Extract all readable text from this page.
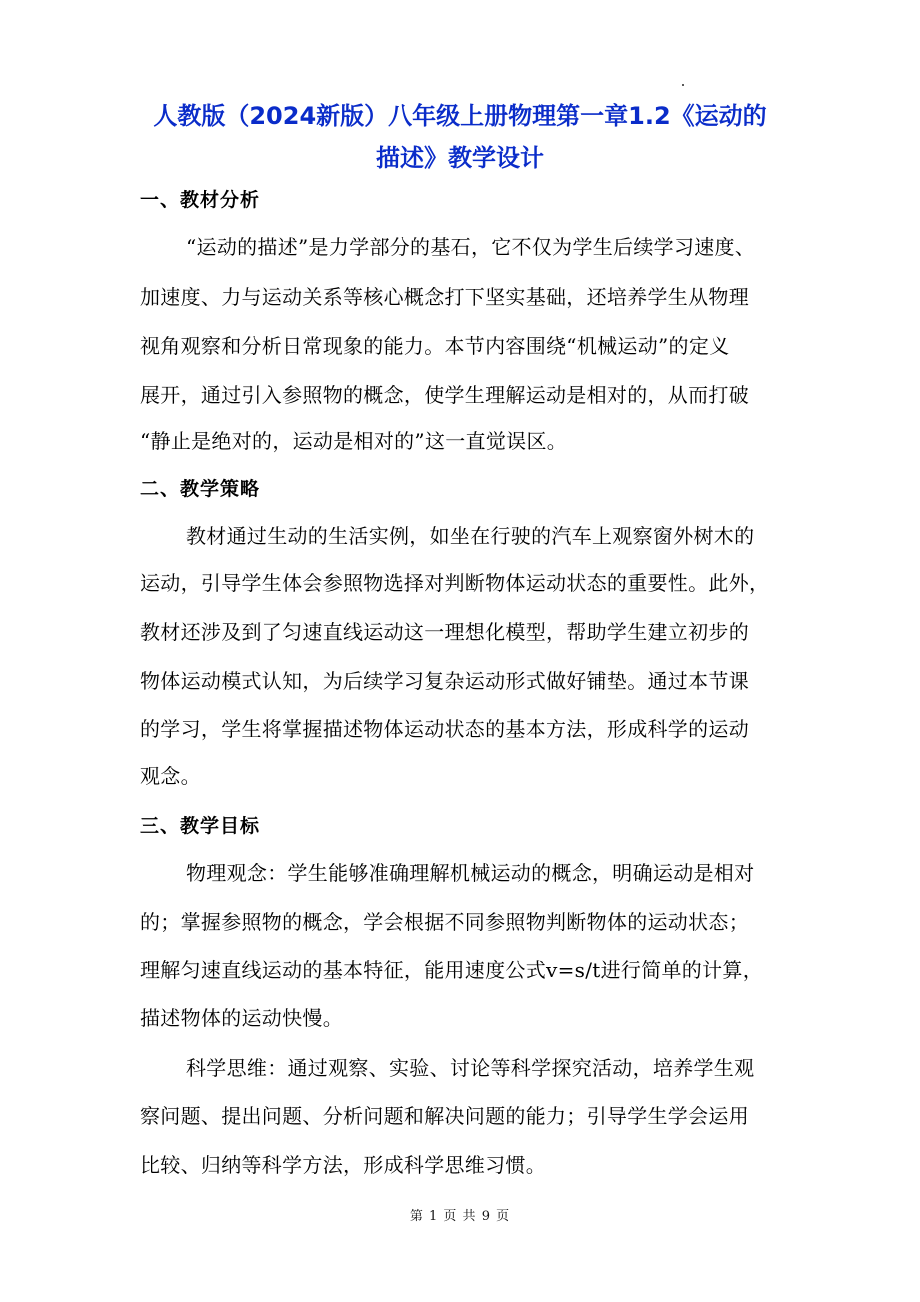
人教版（2024新版）八年级上册物理第一章1.2《运动的
描述》教学设计
一、教材分析
“运动的描述”是力学部分的基石，它不仅为学生后续学习速度、
加速度、力与运动关系等核心概念打下坚实基础，还培养学生从物理
视角观察和分析日常现象的能力。本节内容围绕“机械运动”的定义
展开，通过引入参照物的概念，使学生理解运动是相对的，从而打破
“静止是绝对的，运动是相对的”这一直觉误区。
二、教学策略
教材通过生动的生活实例，如坐在行驶的汽车上观察窗外树木的
运动，引导学生体会参照物选择对判断物体运动状态的重要性。此外，
教材还涉及到了匀速直线运动这一理想化模型，帮助学生建立初步的
物体运动模式认知，为后续学习复杂运动形式做好铺垫。通过本节课
的学习，学生将掌握描述物体运动状态的基本方法，形成科学的运动
观念。
三、教学目标
物理观念：学生能够准确理解机械运动的概念，明确运动是相对
的；掌握参照物的概念，学会根据不同参照物判断物体的运动状态；
理解匀速直线运动的基本特征，能用速度公式v=s/t进行简单的计算，
描述物体的运动快慢。
科学思维：通过观察、实验、讨论等科学探究活动，培养学生观
察问题、提出问题、分析问题和解决问题的能力；引导学生学会运用
比较、归纳等科学方法，形成科学思维习惯。
第 1 页 共 9 页
